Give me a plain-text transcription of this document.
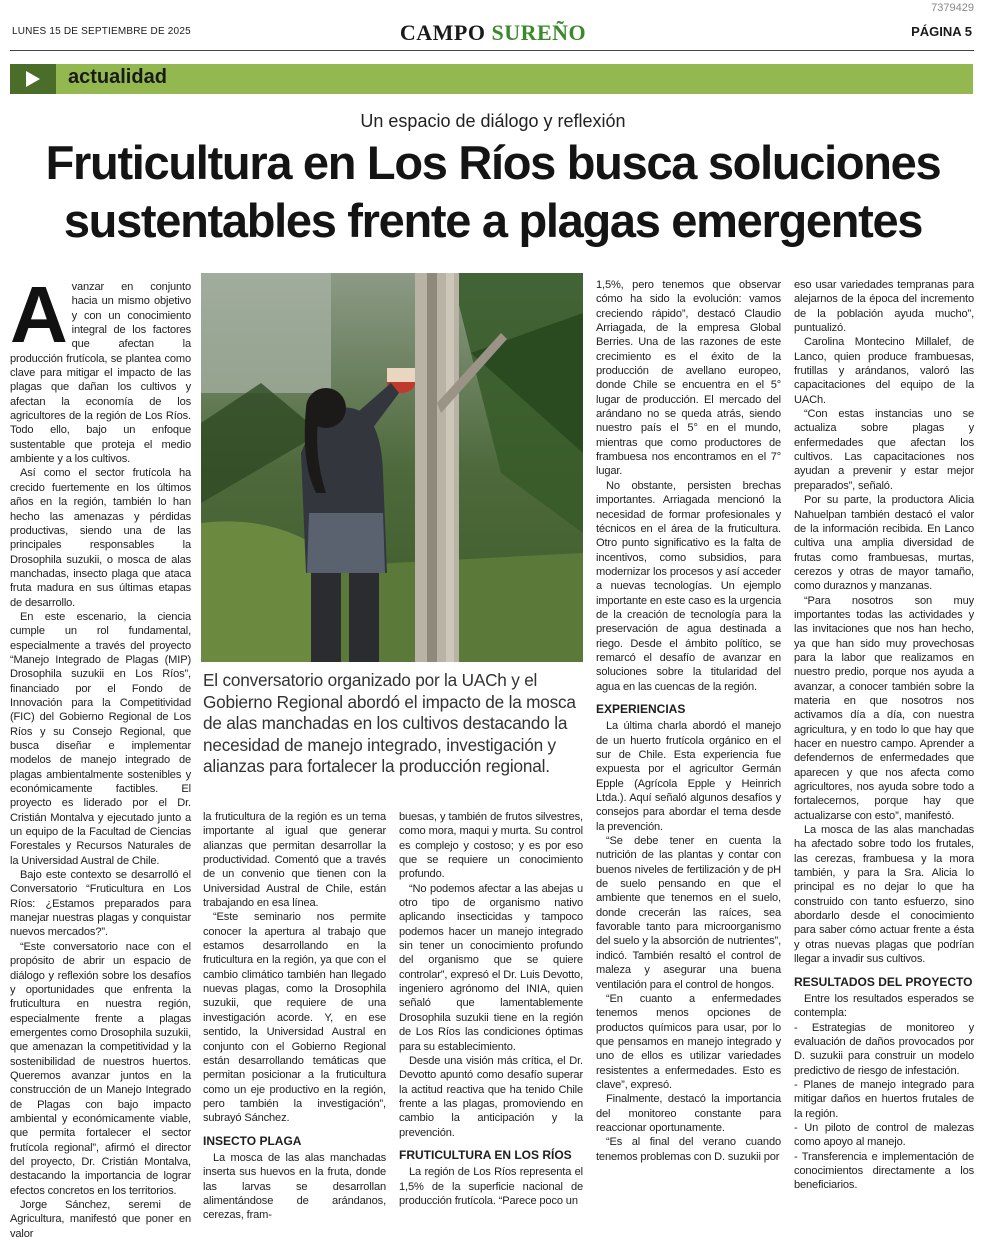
7379429
LUNES 15 DE SEPTIEMBRE DE 2025	CAMPO SUREÑO	PÁGINA 5
actualidad
Un espacio de diálogo y reflexión
Fruticultura en Los Ríos busca soluciones
sustentables frente a plagas emergentes

El conversatorio organizado por la UACh y el Gobierno Regional abordó el impacto de la mosca de alas manchadas en los cultivos destacando la necesidad de manejo integrado, investigación y alianzas para fortalecer la producción regional.

Avanzar en conjunto hacia un mismo objetivo y con un conocimiento integral de los factores que afectan la producción frutícola, se plantea como clave para mitigar el impacto de las plagas que dañan los cultivos y afectan la economía de los agricultores de la región de Los Ríos. Todo ello, bajo un enfoque sustentable que proteja el medio ambiente y a los cultivos.

Así como el sector frutícola ha crecido fuertemente en los últimos años en la región, también lo han hecho las amenazas y pérdidas productivas, siendo una de las principales responsables la Drosophila suzukii, o mosca de alas manchadas, insecto plaga que ataca fruta madura en sus últimas etapas de desarrollo.

En este escenario, la ciencia cumple un rol fundamental, especialmente a través del proyecto “Manejo Integrado de Plagas (MIP) Drosophila suzukii en Los Ríos”, financiado por el Fondo de Innovación para la Competitividad (FIC) del Gobierno Regional de Los Ríos y su Consejo Regional, que busca diseñar e implementar modelos de manejo integrado de plagas ambientalmente sostenibles y económicamente factibles. El proyecto es liderado por el Dr. Cristián Montalva y ejecutado junto a un equipo de la Facultad de Ciencias Forestales y Recursos Naturales de la Universidad Austral de Chile.

Bajo este contexto se desarrolló el Conversatorio “Fruticultura en Los Ríos: ¿Estamos preparados para manejar nuestras plagas y conquistar nuevos mercados?”.

“Este conversatorio nace con el propósito de abrir un espacio de diálogo y reflexión sobre los desafíos y oportunidades que enfrenta la fruticultura en nuestra región, especialmente frente a plagas emergentes como Drosophila suzukii, que amenazan la competitividad y la sostenibilidad de nuestros huertos. Queremos avanzar juntos en la construcción de un Manejo Integrado de Plagas con bajo impacto ambiental y económicamente viable, que permita fortalecer el sector frutícola regional”, afirmó el director del proyecto, Dr. Cristián Montalva, destacando la importancia de lograr efectos concretos en los territorios.

Jorge Sánchez, seremi de Agricultura, manifestó que poner en valor

la fruticultura de la región es un tema importante al igual que generar alianzas que permitan desarrollar la productividad. Comentó que a través de un convenio que tienen con la Universidad Austral de Chile, están trabajando en esa línea.

“Este seminario nos permite conocer la apertura al trabajo que estamos desarrollando en la fruticultura en la región, ya que con el cambio climático también han llegado nuevas plagas, como la Drosophila suzukii, que requiere de una investigación acorde. Y, en ese sentido, la Universidad Austral en conjunto con el Gobierno Regional están desarrollando temáticas que permitan posicionar a la fruticultura como un eje productivo en la región, pero también la investigación”, subrayó Sánchez.

INSECTO PLAGA

La mosca de las alas manchadas inserta sus huevos en la fruta, donde las larvas se desarrollan alimentándose de arándanos, cerezas, fram-

buesas, y también de frutos silvestres, como mora, maqui y murta. Su control es complejo y costoso; y es por eso que se requiere un conocimiento profundo.

“No podemos afectar a las abejas u otro tipo de organismo nativo aplicando insecticidas y tampoco podemos hacer un manejo integrado sin tener un conocimiento profundo del organismo que se quiere controlar”, expresó el Dr. Luis Devotto, ingeniero agrónomo del INIA, quien señaló que lamentablemente Drosophila suzukii tiene en la región de Los Ríos las condiciones óptimas para su establecimiento.

Desde una visión más crítica, el Dr. Devotto apuntó como desafío superar la actitud reactiva que ha tenido Chile frente a las plagas, promoviendo en cambio la anticipación y la prevención.

FRUTICULTURA EN LOS RÍOS

La región de Los Ríos representa el 1,5% de la superficie nacional de producción frutícola. “Parece poco un

1,5%, pero tenemos que observar cómo ha sido la evolución: vamos creciendo rápido”, destacó Claudio Arriagada, de la empresa Global Berries. Una de las razones de este crecimiento es el éxito de la producción de avellano europeo, donde Chile se encuentra en el 5° lugar de producción. El mercado del arándano no se queda atrás, siendo nuestro país el 5° en el mundo, mientras que como productores de frambuesa nos encontramos en el 7° lugar.

No obstante, persisten brechas importantes. Arriagada mencionó la necesidad de formar profesionales y técnicos en el área de la fruticultura. Otro punto significativo es la falta de incentivos, como subsidios, para modernizar los procesos y así acceder a nuevas tecnologías. Un ejemplo importante en este caso es la urgencia de la creación de tecnología para la preservación de agua destinada a riego. Desde el ámbito político, se remarcó el desafío de avanzar en soluciones sobre la titularidad del agua en las cuencas de la región.

EXPERIENCIAS

La última charla abordó el manejo de un huerto frutícola orgánico en el sur de Chile. Esta experiencia fue expuesta por el agricultor Germán Epple (Agrícola Epple y Heinrich Ltda.). Aquí señaló algunos desafíos y consejos para abordar el tema desde la prevención.

“Se debe tener en cuenta la nutrición de las plantas y contar con buenos niveles de fertilización y de pH de suelo pensando en que el ambiente que tenemos en el suelo, donde crecerán las raíces, sea favorable tanto para microorganismo del suelo y la absorción de nutrientes”, indicó. También resaltó el control de maleza y asegurar una buena ventilación para el control de hongos.

“En cuanto a enfermedades tenemos menos opciones de productos químicos para usar, por lo que pensamos en manejo integrado y uno de ellos es utilizar variedades resistentes a enfermedades. Esto es clave”, expresó.

Finalmente, destacó la importancia del monitoreo constante para reaccionar oportunamente.

“Es al final del verano cuando tenemos problemas con D. suzukii por

eso usar variedades tempranas para alejarnos de la época del incremento de la población ayuda mucho”, puntualizó.

Carolina Montecino Millalef, de Lanco, quien produce frambuesas, frutillas y arándanos, valoró las capacitaciones del equipo de la UACh.

“Con estas instancias uno se actualiza sobre plagas y enfermedades que afectan los cultivos. Las capacitaciones nos ayudan a prevenir y estar mejor preparados”, señaló.

Por su parte, la productora Alicia Nahuelpan también destacó el valor de la información recibida. En Lanco cultiva una amplia diversidad de frutas como frambuesas, murtas, cerezos y otras de mayor tamaño, como duraznos y manzanas.

“Para nosotros son muy importantes todas las actividades y las invitaciones que nos han hecho, ya que han sido muy provechosas para la labor que realizamos en nuestro predio, porque nos ayuda a avanzar, a conocer también sobre la materia en que nosotros nos activamos día a día, con nuestra agricultura, y en todo lo que hay que hacer en nuestro campo. Aprender a defendernos de enfermedades que aparecen y que nos afecta como agricultores, nos ayuda sobre todo a fortalecernos, porque hay que actualizarse con esto”, manifestó.

La mosca de las alas manchadas ha afectado sobre todo los frutales, las cerezas, frambuesa y la mora también, y para la Sra. Alicia lo principal es no dejar lo que ha construido con tanto esfuerzo, sino abordarlo desde el conocimiento para saber cómo actuar frente a ésta y otras nuevas plagas que podrían llegar a invadir sus cultivos.

RESULTADOS DEL PROYECTO

Entre los resultados esperados se contempla:

- Estrategias de monitoreo y evaluación de daños provocados por D. suzukii para construir un modelo predictivo de riesgo de infestación.

- Planes de manejo integrado para mitigar daños en huertos frutales de la región.

- Un piloto de control de malezas como apoyo al manejo.

- Transferencia e implementación de conocimientos directamente a los beneficiarios.
